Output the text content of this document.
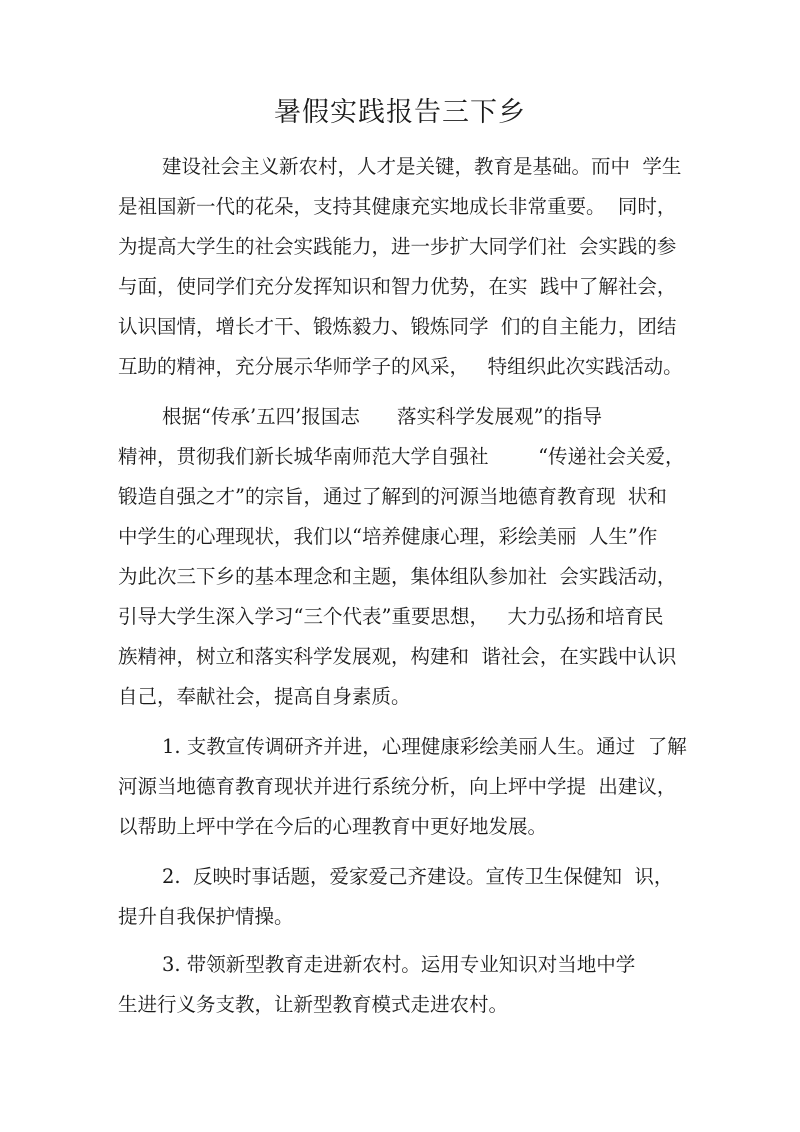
暑假实践报告三下乡

建设社会主义新农村，人才是关键，教育是基础。而中  学生

是祖国新一代的花朵，支持其健康充实地成长非常重要。  同时，

为提高大学生的社会实践能力，进一步扩大同学们社  会实践的参

与面，使同学们充分发挥知识和智力优势，在实  践中了解社会，

认识国情，增长才干、锻炼毅力、锻炼同学  们的自主能力，团结

互助的精神，充分展示华师学子的风采，   特组织此次实践活动。

根据“传承’五四’报国志      落实科学发展观”的指导

精神，贯彻我们新长城华南师范大学自强社        “传递社会关爱，

锻造自强之才”的宗旨，通过了解到的河源当地德育教育现  状和

中学生的心理现状，我们以“培养健康心理，彩绘美丽  人生”作

为此次三下乡的基本理念和主题，集体组队参加社  会实践活动，

引导大学生深入学习“三个代表”重要思想，   大力弘扬和培育民

族精神，树立和落实科学发展观，构建和  谐社会，在实践中认识

自己，奉献社会，提高自身素质。

1. 支教宣传调研齐并进，心理健康彩绘美丽人生。通过  了解

河源当地德育教育现状并进行系统分析，向上坪中学提  出建议，

以帮助上坪中学在今后的心理教育中更好地发展。

2.  反映时事话题，爱家爱己齐建设。宣传卫生保健知  识，

提升自我保护情操。

3. 带领新型教育走进新农村。运用专业知识对当地中学

生进行义务支教，让新型教育模式走进农村。
